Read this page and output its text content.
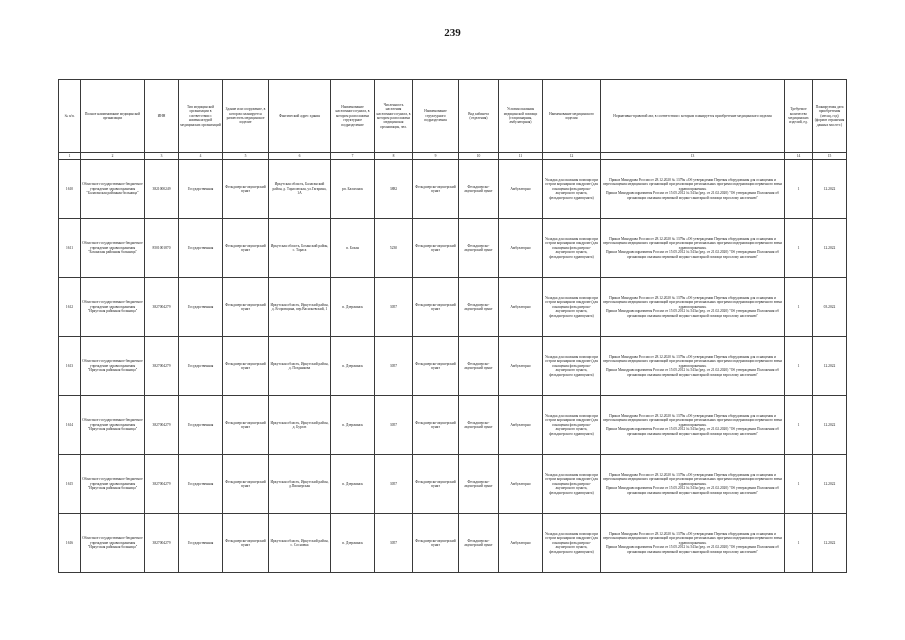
239
№ п/п.	Полное наименование медицинской организации	ИНН	Тип медицинской организации в соответствии с номенклатурой медицинских организаций	Здание или сооружение, в котором планируется разместить медицинское изделие	Фактический адрес здания	Наименование населенного пункта, в котором расположена структурное подразделение	Численность населения населенного пункта, в котором расположена медицинская организация, чел.	Наименование структурного подразделения	Вид кабинета (отделения)	Условия оказания медицинской помощи (стационарная, амбулаторная)	Наименование медицинского изделия	Нормативно-правовой акт, в соответствии с которым планируется приобретение медицинского изделия	Требуемое количество медицинских изделий, ед.	Планируемая дата приобретения (месяц, год) (формат отражения данных мм.гггг.)
1	2	3	4	5	6	7	8	9	10	11	12	13	14	15
1610	Областное государственное бюджетное учреждение здравоохранения "Балаганская районная больница"	3821000249	Государственная	Фельдшерско-акушерский пункт	Иркутская область, Балаганский район, д. Тарасовская, ул.Гагарина, 1А	рп. Балаганск	3882	Фельдшерско-акушерский пункт	Фельдшерско-акушерский пункт	Амбулаторно	Укладка для оказания помощи при остром коронарном синдроме (для оснащения фельдшерско-акушерского пункта, фельдшерского здравпункта)	Приказ Минздрава России от 28.12.2020 № 1379н «Об утверждении Перечня оборудования для оснащения и переоснащения медицинских организаций при реализации региональных программ модернизации первичного звена здравоохранения»
Приказ Минздравсоцразвития России от 15.05.2012 № 543н (ред. от 21.02.2020) "Об утверждении Положения об организации оказания первичной медико-санитарной помощи взрослому населению"	1	12.2022
1611	Областное государственное бюджетное учреждение здравоохранения "Боханская районная больница"	8501001870	Государственная	Фельдшерско-акушерский пункт	Иркутская область, Боханский район, с. Тараса	п. Бохан	5230	Фельдшерско-акушерский пункт	Фельдшерско-акушерский пункт	Амбулаторно	Укладка для оказания помощи при остром коронарном синдроме (для оснащения фельдшерско-акушерского пункта, фельдшерского здравпункта)	Приказ Минздрава России от 28.12.2020 № 1379н «Об утверждении Перечня оборудования для оснащения и переоснащения медицинских организаций при реализации региональных программ модернизации первичного звена здравоохранения»
Приказ Минздравсоцразвития России от 15.05.2012 № 543н (ред. от 21.02.2020) "Об утверждении Положения об организации оказания первичной медико-санитарной помощи взрослому населению"	1	12.2022
1612	Областное государственное бюджетное учреждение здравоохранения "Иркутская районная больница"	3827004279	Государственная	Фельдшерско-акушерский пункт	Иркутская область, Иркутский район, д. Егоровщина, пер.Васильевский, 1	п. Дзержинск	3057	Фельдшерско-акушерский пункт	Фельдшерско-акушерский пункт	Амбулаторно	Укладка для оказания помощи при остром коронарном синдроме (для оснащения фельдшерско-акушерского пункта, фельдшерского здравпункта)	Приказ Минздрава России от 28.12.2020 № 1379н «Об утверждении Перечня оборудования для оснащения и переоснащения медицинских организаций при реализации региональных программ модернизации первичного звена здравоохранения»
Приказ Минздравсоцразвития России от 15.05.2012 № 543н (ред. от 21.02.2020) "Об утверждении Положения об организации оказания первичной медико-санитарной помощи взрослому населению"	1	03.2022
1613	Областное государственное бюджетное учреждение здравоохранения "Иркутская районная больница"	3827004279	Государственная	Фельдшерско-акушерский пункт	Иркутская область, Иркутский район, д. Позднякова	п. Дзержинск	3057	Фельдшерско-акушерский пункт	Фельдшерско-акушерский пункт	Амбулаторно	Укладка для оказания помощи при остром коронарном синдроме (для оснащения фельдшерско-акушерского пункта, фельдшерского здравпункта)	Приказ Минздрава России от 28.12.2020 № 1379н «Об утверждении Перечня оборудования для оснащения и переоснащения медицинских организаций при реализации региональных программ модернизации первичного звена здравоохранения»
Приказ Минздравсоцразвития России от 15.05.2012 № 543н (ред. от 21.02.2020) "Об утверждении Положения об организации оказания первичной медико-санитарной помощи взрослому населению"	1	12.2022
1614	Областное государственное бюджетное учреждение здравоохранения "Иркутская районная больница"	3827004279	Государственная	Фельдшерско-акушерский пункт	Иркутская область, Иркутский район, д. Бургаз	п. Дзержинск	3057	Фельдшерско-акушерский пункт	Фельдшерско-акушерский пункт	Амбулаторно	Укладка для оказания помощи при остром коронарном синдроме (для оснащения фельдшерско-акушерского пункта, фельдшерского здравпункта)	Приказ Минздрава России от 28.12.2020 № 1379н «Об утверждении Перечня оборудования для оснащения и переоснащения медицинских организаций при реализации региональных программ модернизации первичного звена здравоохранения»
Приказ Минздравсоцразвития России от 15.05.2012 № 543н (ред. от 21.02.2020) "Об утверждении Положения об организации оказания первичной медико-санитарной помощи взрослому населению"	1	12.2022
1615	Областное государственное бюджетное учреждение здравоохранения "Иркутская районная больница"	3827004279	Государственная	Фельдшерско-акушерский пункт	Иркутская область, Иркутский район, д.Пионерская	п. Дзержинск	3057	Фельдшерско-акушерский пункт	Фельдшерско-акушерский пункт	Амбулаторно	Укладка для оказания помощи при остром коронарном синдроме (для оснащения фельдшерско-акушерского пункта, фельдшерского здравпункта)	Приказ Минздрава России от 28.12.2020 № 1379н «Об утверждении Перечня оборудования для оснащения и переоснащения медицинских организаций при реализации региональных программ модернизации первичного звена здравоохранения»
Приказ Минздравсоцразвития России от 15.05.2012 № 543н (ред. от 21.02.2020) "Об утверждении Положения об организации оказания первичной медико-санитарной помощи взрослому населению"	1	12.2022
1616	Областное государственное бюджетное учреждение здравоохранения "Иркутская районная больница"	3827004279	Государственная	Фельдшерско-акушерский пункт	Иркутская область, Иркутский район, с. Сосновка	п. Дзержинск	3057	Фельдшерско-акушерский пункт	Фельдшерско-акушерский пункт	Амбулаторно	Укладка для оказания помощи при остром коронарном синдроме (для оснащения фельдшерско-акушерского пункта, фельдшерского здравпункта)	Приказ Минздрава России от 28.12.2020 № 1379н «Об утверждении Перечня оборудования для оснащения и переоснащения медицинских организаций при реализации региональных программ модернизации первичного звена здравоохранения»
Приказ Минздравсоцразвития России от 15.05.2012 № 543н (ред. от 21.02.2020) "Об утверждении Положения об организации оказания первичной медико-санитарной помощи взрослому населению"	1	12.2022
